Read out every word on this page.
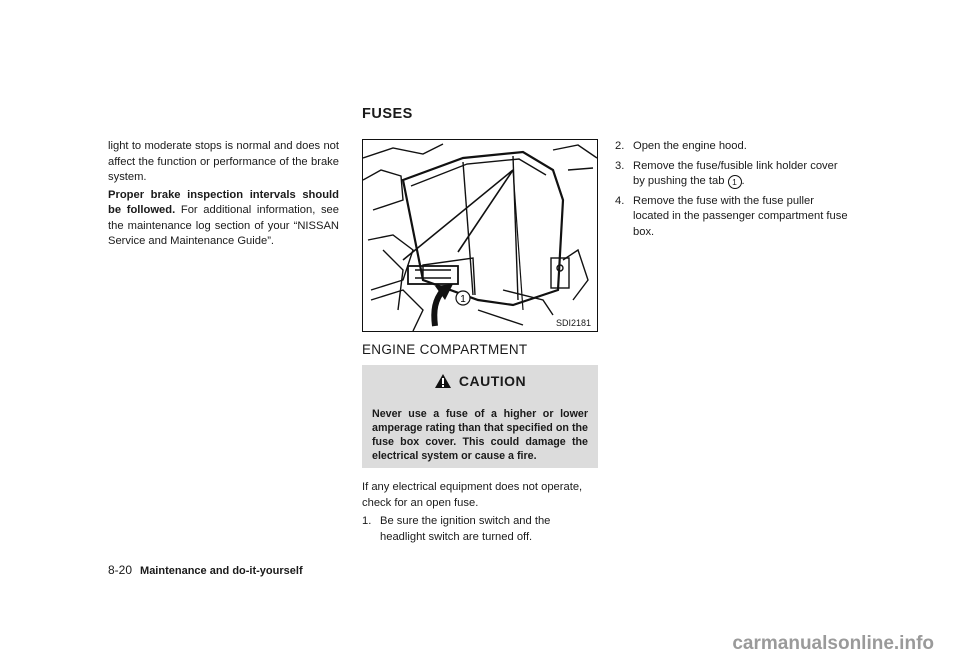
FUSES

light to moderate stops is normal and does not affect the function or performance of the brake system.

Proper brake inspection intervals should be followed. For additional information, see the maintenance log section of your “NISSAN Service and Maintenance Guide”.

1
SDI2181
ENGINE COMPARTMENT
CAUTION
Never use a fuse of a higher or lower amperage rating than that specified on the fuse box cover. This could damage the electrical system or cause a fire.

If any electrical equipment does not operate, check for an open fuse.

1. Be sure the ignition switch and the headlight switch are turned off.
2. Open the engine hood.
3. Remove the fuse/fusible link holder cover by pushing the tab 1 .
4. Remove the fuse with the fuse puller located in the passenger compartment fuse box.
8-20 Maintenance and do-it-yourself
carmanualsonline.info
